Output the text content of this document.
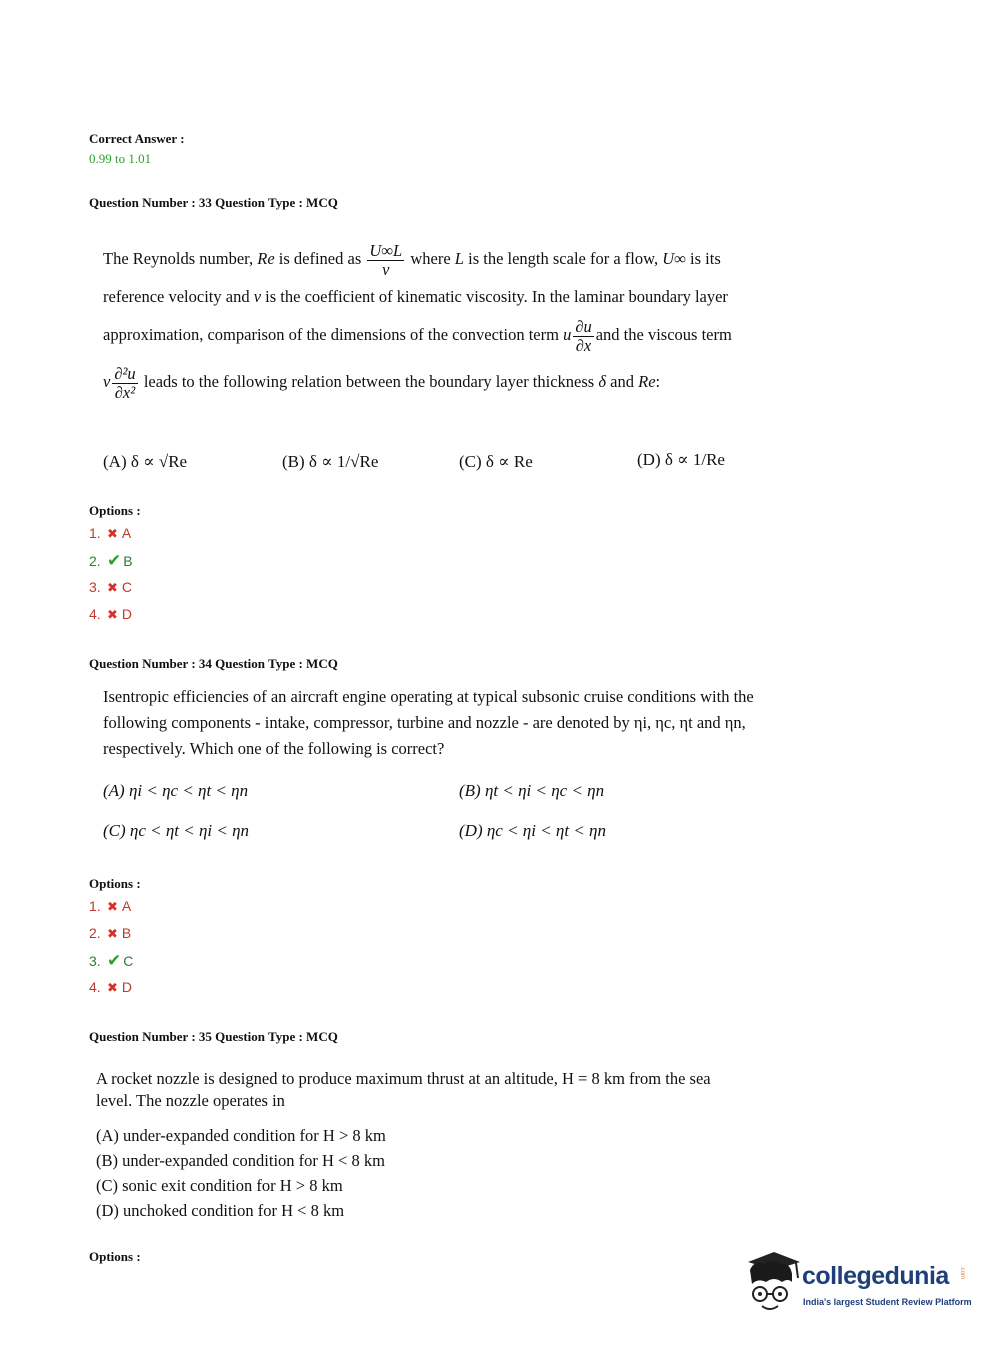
Correct Answer :
0.99 to 1.01
Question Number : 33 Question Type : MCQ
The Reynolds number, Re is defined as $\frac{U\infty L}{\nu}$ where L is the length scale for a flow, U∞ is its
reference velocity and ν is the coefficient of kinematic viscosity. In the laminar boundary layer
approximation, comparison of the dimensions of the convection term u $\frac{\partial u}{\partial x}$ and the viscous term
ν $\frac{\text{∂²u}}{\text{∂x²}}$ leads to the following relation between the boundary layer thickness δ and Re:
(A) δ ∝ √Re	(B) δ ∝ 1/√Re	(C) δ ∝ Re	(D) δ ∝ 1/Re
Options :
1. ✖ A
2. ✔ B
3. ✖ C
4. ✖ D
Question Number : 34 Question Type : MCQ
Isentropic efficiencies of an aircraft engine operating at typical subsonic cruise conditions with the
following components - intake, compressor, turbine and nozzle - are denoted by ηi, ηc, ηt and ηn,
respectively. Which one of the following is correct?
(A) ηi < ηc < ηt < ηn	(B) ηt < ηi < ηc < ηn
(C) ηc < ηt < ηi < ηn	(D) ηc < ηi < ηt < ηn
Options :
1. ✖ A
2. ✖ B
3. ✔ C
4. ✖ D
Question Number : 35 Question Type : MCQ
A rocket nozzle is designed to produce maximum thrust at an altitude, H = 8 km from the sea
level. The nozzle operates in
(A) under-expanded condition for H > 8 km
(B) under-expanded condition for H < 8 km
(C) sonic exit condition for H > 8 km
(D) unchoked condition for H < 8 km
Options :
collegedunia .com
India's largest Student Review Platform
